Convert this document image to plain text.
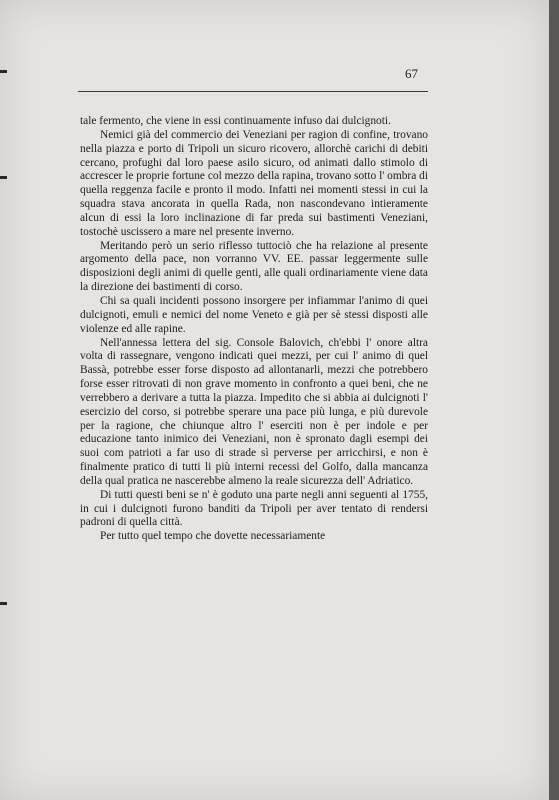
67

tale fermento, che viene in essi continuamente infuso dai dulcignoti.

Nemici già del commercio dei Veneziani per ragion di confine, trovano nella piazza e porto di Tripoli un sicuro ricovero, allorchè carichi di debiti cercano, profughi dal loro paese asilo sicuro, od animati dallo stimolo di accrescer le proprie fortune col mezzo della rapina, trovano sotto l' ombra di quella reggenza facile e pronto il modo. Infatti nei momenti stessi in cui la squadra stava ancorata in quella Rada, non nascondevano intieramente alcun di essi la loro inclinazione di far preda sui bastimenti Veneziani, tostochè uscissero a mare nel presente inverno.

Meritando però un serio riflesso tuttociò che ha relazione al presente argomento della pace, non vorranno VV. EE. passar leggermente sulle disposizioni degli animi di quelle genti, alle quali ordinariamente viene data la direzione dei bastimenti di corso.

Chi sa quali incidenti possono insorgere per infiammar l'animo di quei dulcignoti, emuli e nemici del nome Veneto e già per sè stessi disposti alle violenze ed alle rapine.

Nell'annessa lettera del sig. Console Balovich, ch'ebbi l' onore altra volta di rassegnare, vengono indicati quei mezzi, per cui l' animo di quel Bassà, potrebbe esser forse disposto ad allontanarli, mezzi che potrebbero forse esser ritrovati di non grave momento in confronto a quei beni, che ne verrebbero a derivare a tutta la piazza. Impedito che si abbia ai dulcignoti l' esercizio del corso, si potrebbe sperare una pace più lunga, e più durevole per la ragione, che chiunque altro l' eserciti non è per indole e per educazione tanto inimico dei Veneziani, non è spronato dagli esempi dei suoi com patrioti a far uso di strade sì perverse per arricchirsi, e non è finalmente pratico di tutti li più interni recessi del Golfo, dalla mancanza della qual pratica ne nascerebbe almeno la reale sicurezza dell' Adriatico.

Di tutti questi beni se n' è goduto una parte negli anni seguenti al 1755, in cui i dulcignoti furono banditi da Tripoli per aver tentato di rendersi padroni di quella città.

Per tutto quel tempo che dovette necessariamente
